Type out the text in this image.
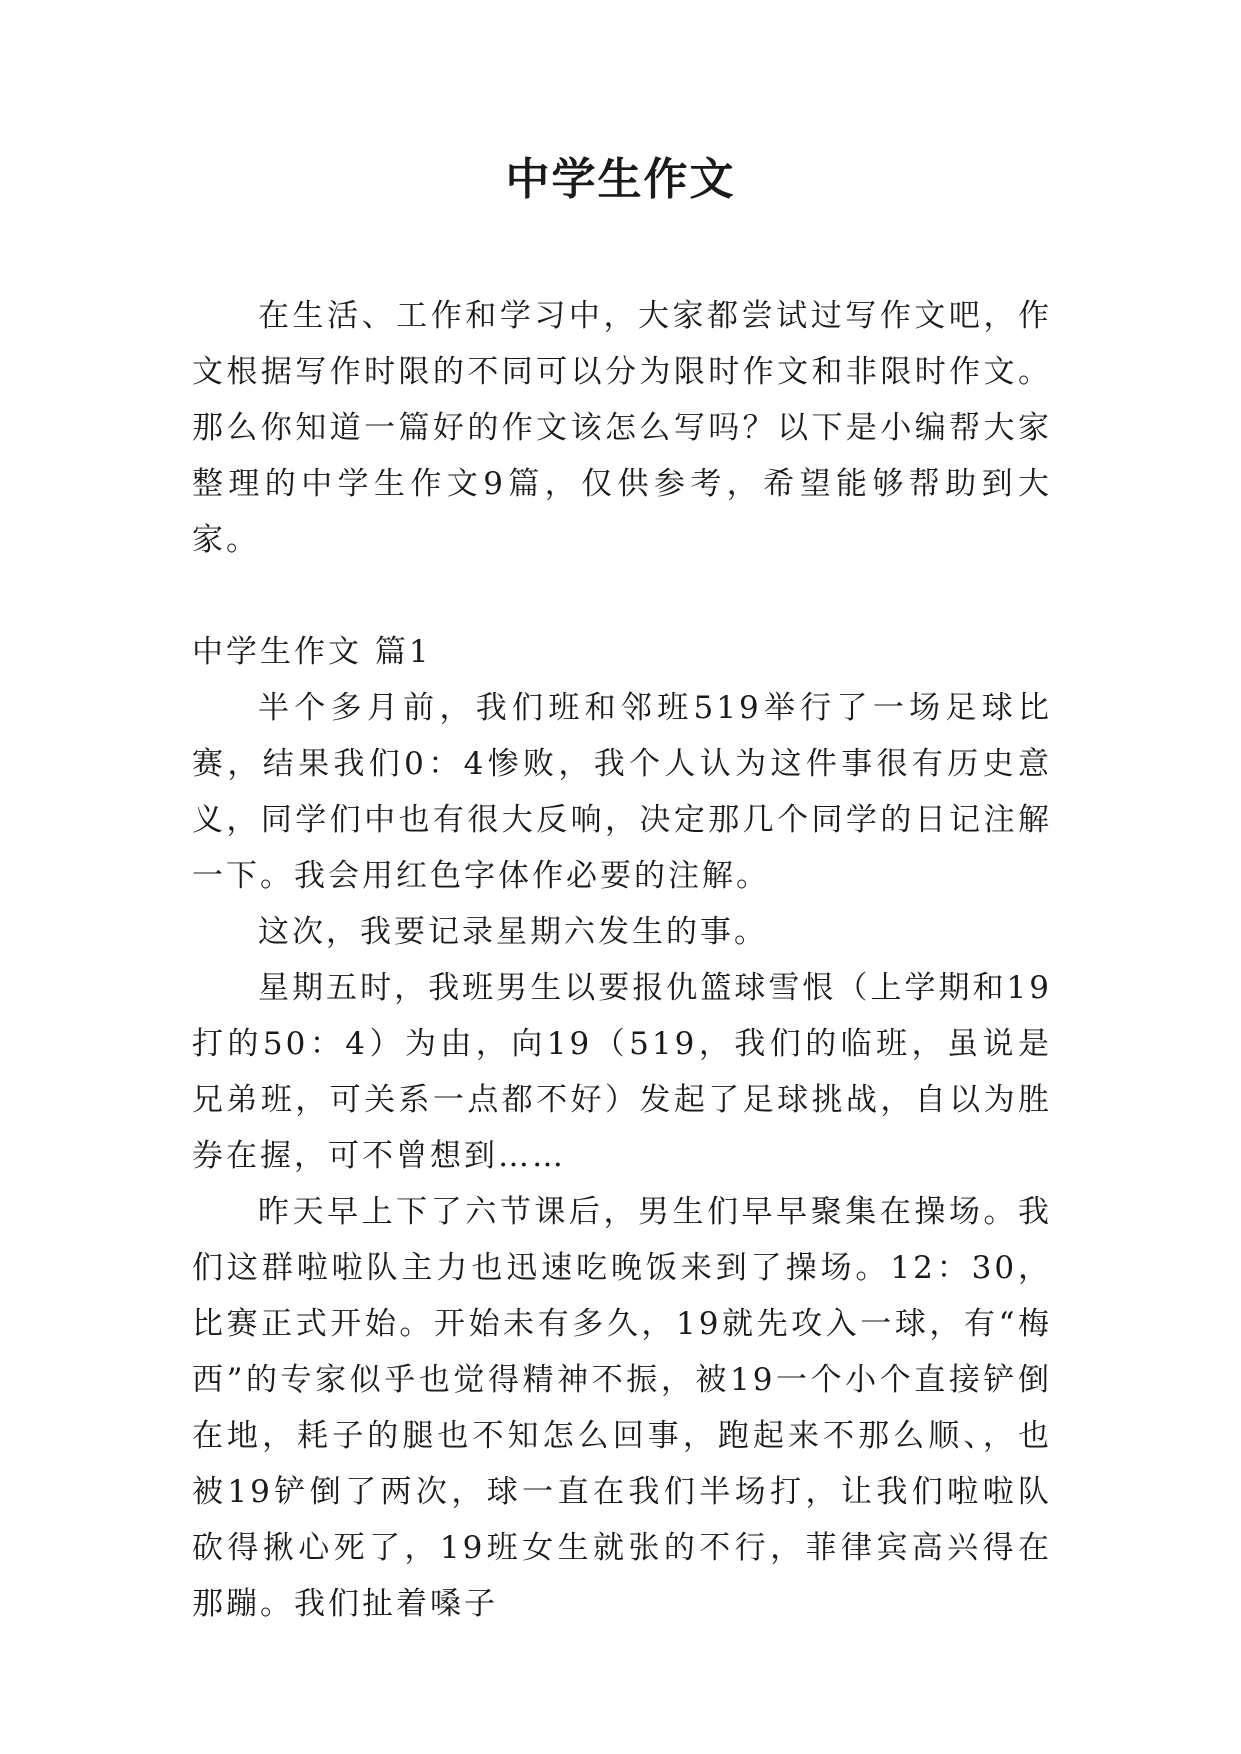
中学生作文

在生活、工作和学习中，大家都尝试过写作文吧，作文根据写作时限的不同可以分为限时作文和非限时作文。那么你知道一篇好的作文该怎么写吗？以下是小编帮大家整理的中学生作文9篇，仅供参考，希望能够帮助到大家。

中学生作文 篇1

半个多月前，我们班和邻班519举行了一场足球比赛，结果我们0：4惨败，我个人认为这件事很有历史意义，同学们中也有很大反响，决定那几个同学的日记注解一下。我会用红色字体作必要的注解。

这次，我要记录星期六发生的事。

星期五时，我班男生以要报仇篮球雪恨（上学期和19打的50：4）为由，向19（519，我们的临班，虽说是兄弟班，可关系一点都不好）发起了足球挑战，自以为胜券在握，可不曾想到……

昨天早上下了六节课后，男生们早早聚集在操场。我们这群啦啦队主力也迅速吃晚饭来到了操场。12：30，比赛正式开始。开始未有多久，19就先攻入一球，有“梅西”的专家似乎也觉得精神不振，被19一个小个直接铲倒在地，耗子的腿也不知怎么回事，跑起来不那么顺、，也被19铲倒了两次，球一直在我们半场打，让我们啦啦队砍得揪心死了，19班女生就张的不行，菲律宾高兴得在那蹦。我们扯着嗓子
